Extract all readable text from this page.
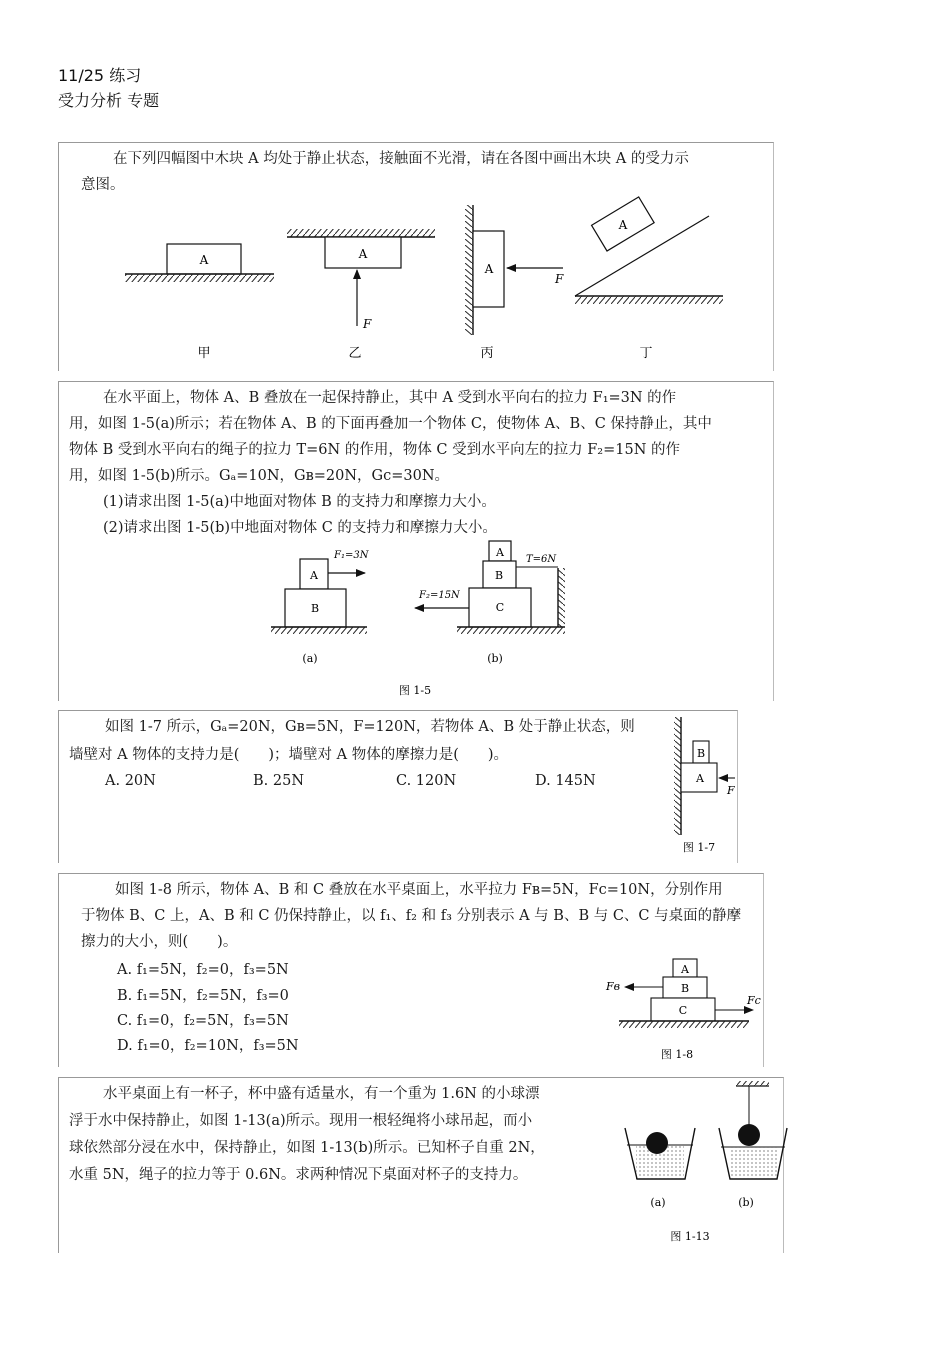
11/25 练习
受力分析 专题
在下列四幅图中木块 A 均处于静止状态，接触面不光滑，请在各图中画出木块 A 的受力示
意图。
A	A
F
A
F
A
甲	乙	丙	丁
在水平面上，物体 A、B 叠放在一起保持静止，其中 A 受到水平向右的拉力 F₁=3N 的作
用，如图 1-5(a)所示；若在物体 A、B 的下面再叠加一个物体 C，使物体 A、B、C 保持静止，其中
物体 B 受到水平向右的绳子的拉力 T=6N 的作用，物体 C 受到水平向左的拉力 F₂=15N 的作
用，如图 1-5(b)所示。Gₐ=10N，Gв=20N，Gc=30N。
(1)请求出图 1-5(a)中地面对物体 B 的支持力和摩擦力大小。
(2)请求出图 1-5(b)中地面对物体 C 的支持力和摩擦力大小。
A
B
F₁=3N
(a)
A
B
C
F₂=15N
T=6N
(b)
图 1-5
如图 1-7 所示，Gₐ=20N，Gв=5N，F=120N，若物体 A、B 处于静止状态，则
墙壁对 A 物体的支持力是(　　)；墙壁对 A 物体的摩擦力是(　　)。
A. 20N	B. 25N	C. 120N	D. 145N
B
A
F
图 1-7
如图 1-8 所示，物体 A、B 和 C 叠放在水平桌面上，水平拉力 Fв=5N，Fc=10N，分别作用
于物体 B、C 上，A、B 和 C 仍保持静止，以 f₁、f₂ 和 f₃ 分别表示 A 与 B、B 与 C、C 与桌面的静摩
擦力的大小，则(　　)。
A. f₁=5N，f₂=0，f₃=5N
B. f₁=5N，f₂=5N，f₃=0
C. f₁=0，f₂=5N，f₃=5N
D. f₁=0，f₂=10N，f₃=5N
A
B
C
Fв
Fc
图 1-8
水平桌面上有一杯子，杯中盛有适量水，有一个重为 1.6N 的小球漂
浮于水中保持静止，如图 1-13(a)所示。现用一根轻绳将小球吊起，而小
球依然部分浸在水中，保持静止，如图 1-13(b)所示。已知杯子自重 2N，
水重 5N，绳子的拉力等于 0.6N。求两种情况下桌面对杯子的支持力。
(a)	(b)
图 1-13
